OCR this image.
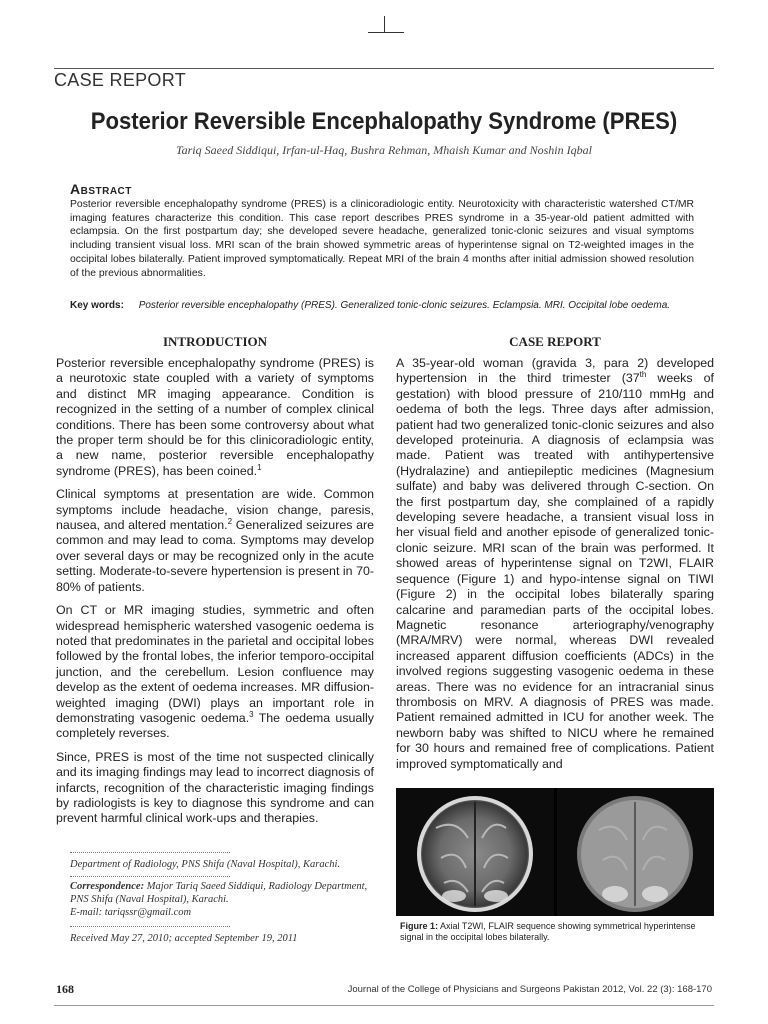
CASE REPORT
Posterior Reversible Encephalopathy Syndrome (PRES)
Tariq Saeed Siddiqui, Irfan-ul-Haq, Bushra Rehman, Mhaish Kumar and Noshin Iqbal
Abstract
Posterior reversible encephalopathy syndrome (PRES) is a clinicoradiologic entity. Neurotoxicity with characteristic watershed CT/MR imaging features characterize this condition. This case report describes PRES syndrome in a 35-year-old patient admitted with eclampsia. On the first postpartum day; she developed severe headache, generalized tonic-clonic seizures and visual symptoms including transient visual loss. MRI scan of the brain showed symmetric areas of hyperintense signal on T2-weighted images in the occipital lobes bilaterally. Patient improved symptomatically. Repeat MRI of the brain 4 months after initial admission showed resolution of the previous abnormalities.
Key words: Posterior reversible encephalopathy (PRES). Generalized tonic-clonic seizures. Eclampsia. MRI. Occipital lobe oedema.
INTRODUCTION

Posterior reversible encephalopathy syndrome (PRES) is a neurotoxic state coupled with a variety of symptoms and distinct MR imaging appearance. Condition is recognized in the setting of a number of complex clinical conditions. There has been some controversy about what the proper term should be for this clinicoradiologic entity, a new name, posterior reversible encephalopathy syndrome (PRES), has been coined.$^1$

Clinical symptoms at presentation are wide. Common symptoms include headache, vision change, paresis, nausea, and altered mentation.$^2$ Generalized seizures are common and may lead to coma. Symptoms may develop over several days or may be recognized only in the acute setting. Moderate-to-severe hypertension is present in 70-80% of patients.

On CT or MR imaging studies, symmetric and often widespread hemispheric watershed vasogenic oedema is noted that predominates in the parietal and occipital lobes followed by the frontal lobes, the inferior temporo-occipital junction, and the cerebellum. Lesion confluence may develop as the extent of oedema increases. MR diffusion-weighted imaging (DWI) plays an important role in demonstrating vasogenic oedema.$^3$ The oedema usually completely reverses.

Since, PRES is most of the time not suspected clinically and its imaging findings may lead to incorrect diagnosis of infarcts, recognition of the characteristic imaging findings by radiologists is key to diagnose this syndrome and can prevent harmful clinical work-ups and therapies.

CASE REPORT

A 35-year-old woman (gravida 3, para 2) developed hypertension in the third trimester (37th weeks of gestation) with blood pressure of 210/110 mmHg and oedema of both the legs. Three days after admission, patient had two generalized tonic-clonic seizures and also developed proteinuria. A diagnosis of eclampsia was made. Patient was treated with antihypertensive (Hydralazine) and antiepileptic medicines (Magnesium sulfate) and baby was delivered through C-section. On the first postpartum day, she complained of a rapidly developing severe headache, a transient visual loss in her visual field and another episode of generalized tonic-clonic seizure. MRI scan of the brain was performed. It showed areas of hyperintense signal on T2WI, FLAIR sequence (Figure 1) and hypo-intense signal on TIWI (Figure 2) in the occipital lobes bilaterally sparing calcarine and paramedian parts of the occipital lobes. Magnetic resonance arteriography/venography (MRA/MRV) were normal, whereas DWI revealed increased apparent diffusion coefficients (ADCs) in the involved regions suggesting vasogenic oedema in these areas. There was no evidence for an intracranial sinus thrombosis on MRV. A diagnosis of PRES was made. Patient remained admitted in ICU for another week. The newborn baby was shifted to NICU where he remained for 30 hours and remained free of complications. Patient improved symptomatically and

Figure 1: Axial T2WI, FLAIR sequence showing symmetrical hyperintense signal in the occipital lobes bilaterally.
Department of Radiology, PNS Shifa (Naval Hospital), Karachi.
Correspondence: Major Tariq Saeed Siddiqui, Radiology Department, PNS Shifa (Naval Hospital), Karachi.
E-mail: tariqssr@gmail.com
Received May 27, 2010; accepted September 19, 2011
168	Journal of the College of Physicians and Surgeons Pakistan 2012, Vol. 22 (3): 168-170
